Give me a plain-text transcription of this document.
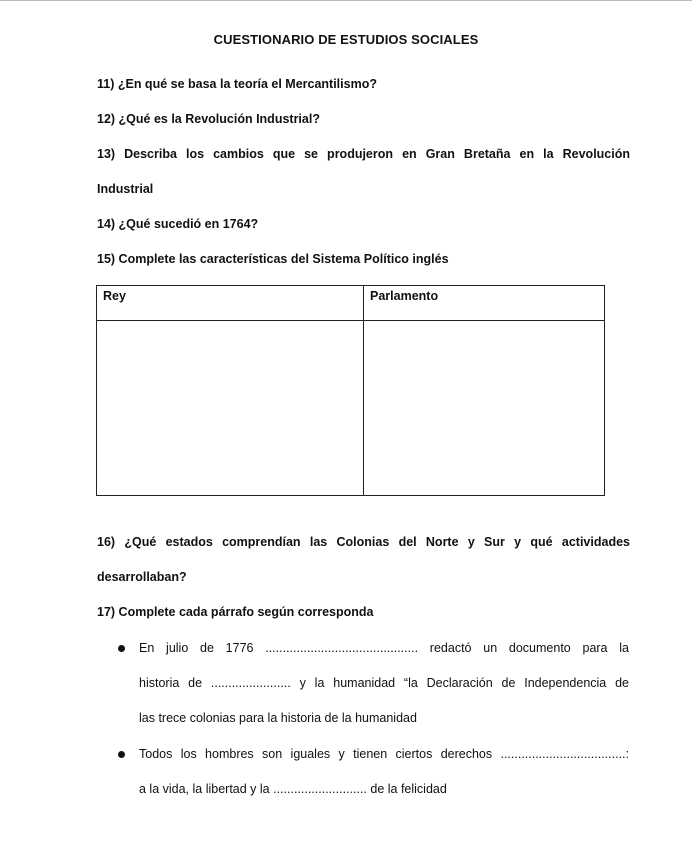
CUESTIONARIO DE ESTUDIOS SOCIALES
11) ¿En qué se basa la teoría el Mercantilismo?
12) ¿Qué es la Revolución Industrial?
13) Describa los cambios que se produjeron en Gran Bretaña en la Revolución
Industrial
14) ¿Qué sucedió en 1764?
15) Complete las características del Sistema Político inglés
Rey	Parlamento

16) ¿Qué estados comprendían las Colonias del Norte y Sur y qué actividades
desarrollaban?
17) Complete cada párrafo según corresponda
En julio de 1776 ............................................ redactó un documento para la
historia de ....................... y la humanidad “la Declaración de Independencia de
las trece colonias para la historia de la humanidad
Todos los hombres son iguales y tienen ciertos derechos ....................................:
a la vida, la libertad y la ........................... de la felicidad
